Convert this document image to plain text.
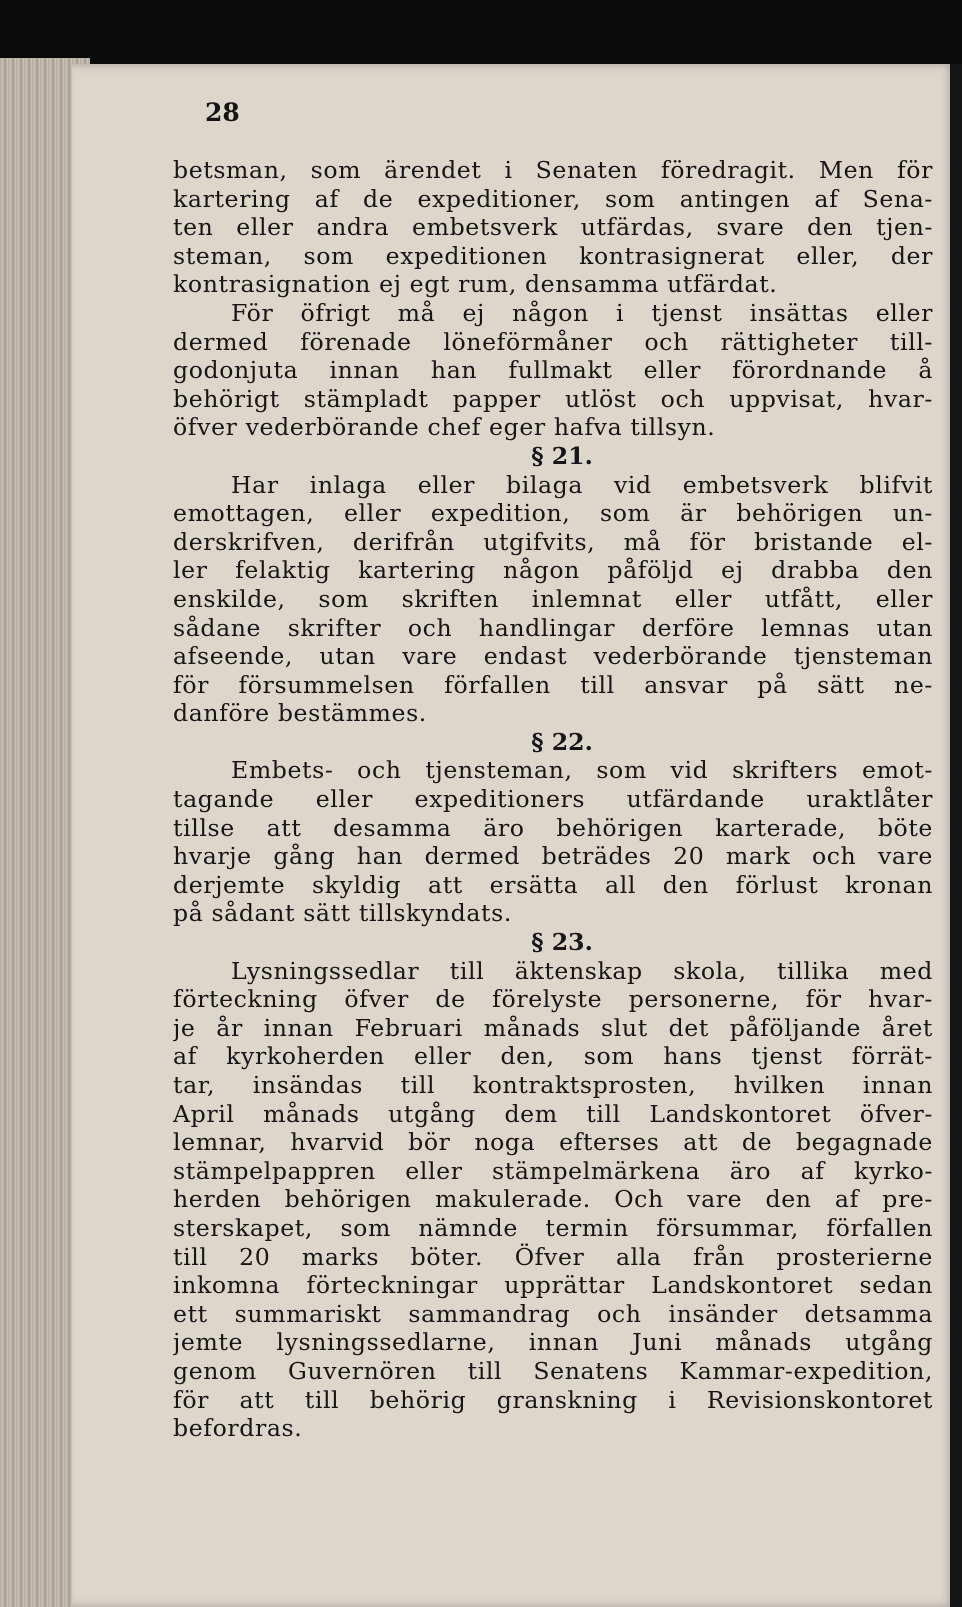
28
betsman, som ärendet i Senaten föredragit. Men för
kartering af de expeditioner, som antingen af Sena-
ten eller andra embetsverk utfärdas, svare den tjen-
steman, som expeditionen kontrasignerat eller, der
kontrasignation ej egt rum, densamma utfärdat.
För öfrigt må ej någon i tjenst insättas eller
dermed förenade löneförmåner och rättigheter till-
godonjuta innan han fullmakt eller förordnande å
behörigt stämpladt papper utlöst och uppvisat, hvar-
öfver vederbörande chef eger hafva tillsyn.
§ 21.
Har inlaga eller bilaga vid embetsverk blifvit
emottagen, eller expedition, som är behörigen un-
derskrifven, derifrån utgifvits, må för bristande el-
ler felaktig kartering någon påföljd ej drabba den
enskilde, som skriften inlemnat eller utfått, eller
sådane skrifter och handlingar derföre lemnas utan
afseende, utan vare endast vederbörande tjensteman
för försummelsen förfallen till ansvar på sätt ne-
danföre bestämmes.
§ 22.
Embets- och tjensteman, som vid skrifters emot-
tagande eller expeditioners utfärdande uraktlåter
tillse att desamma äro behörigen karterade, böte
hvarje gång han dermed beträdes 20 mark och vare
derjemte skyldig att ersätta all den förlust kronan
på sådant sätt tillskyndats.
§ 23.
Lysningssedlar till äktenskap skola, tillika med
förteckning öfver de förelyste personerne, för hvar-
je år innan Februari månads slut det påföljande året
af kyrkoherden eller den, som hans tjenst förrät-
tar, insändas till kontraktsprosten, hvilken innan
April månads utgång dem till Landskontoret öfver-
lemnar, hvarvid bör noga efterses att de begagnade
stämpelpappren eller stämpelmärkena äro af kyrko-
herden behörigen makulerade. Och vare den af pre-
sterskapet, som nämnde termin försummar, förfallen
till 20 marks böter. Öfver alla från prosterierne
inkomna förteckningar upprättar Landskontoret sedan
ett summariskt sammandrag och insänder detsamma
jemte lysningssedlarne, innan Juni månads utgång
genom Guvernören till Senatens Kammar-expedition,
för att till behörig granskning i Revisionskontoret
befordras.
